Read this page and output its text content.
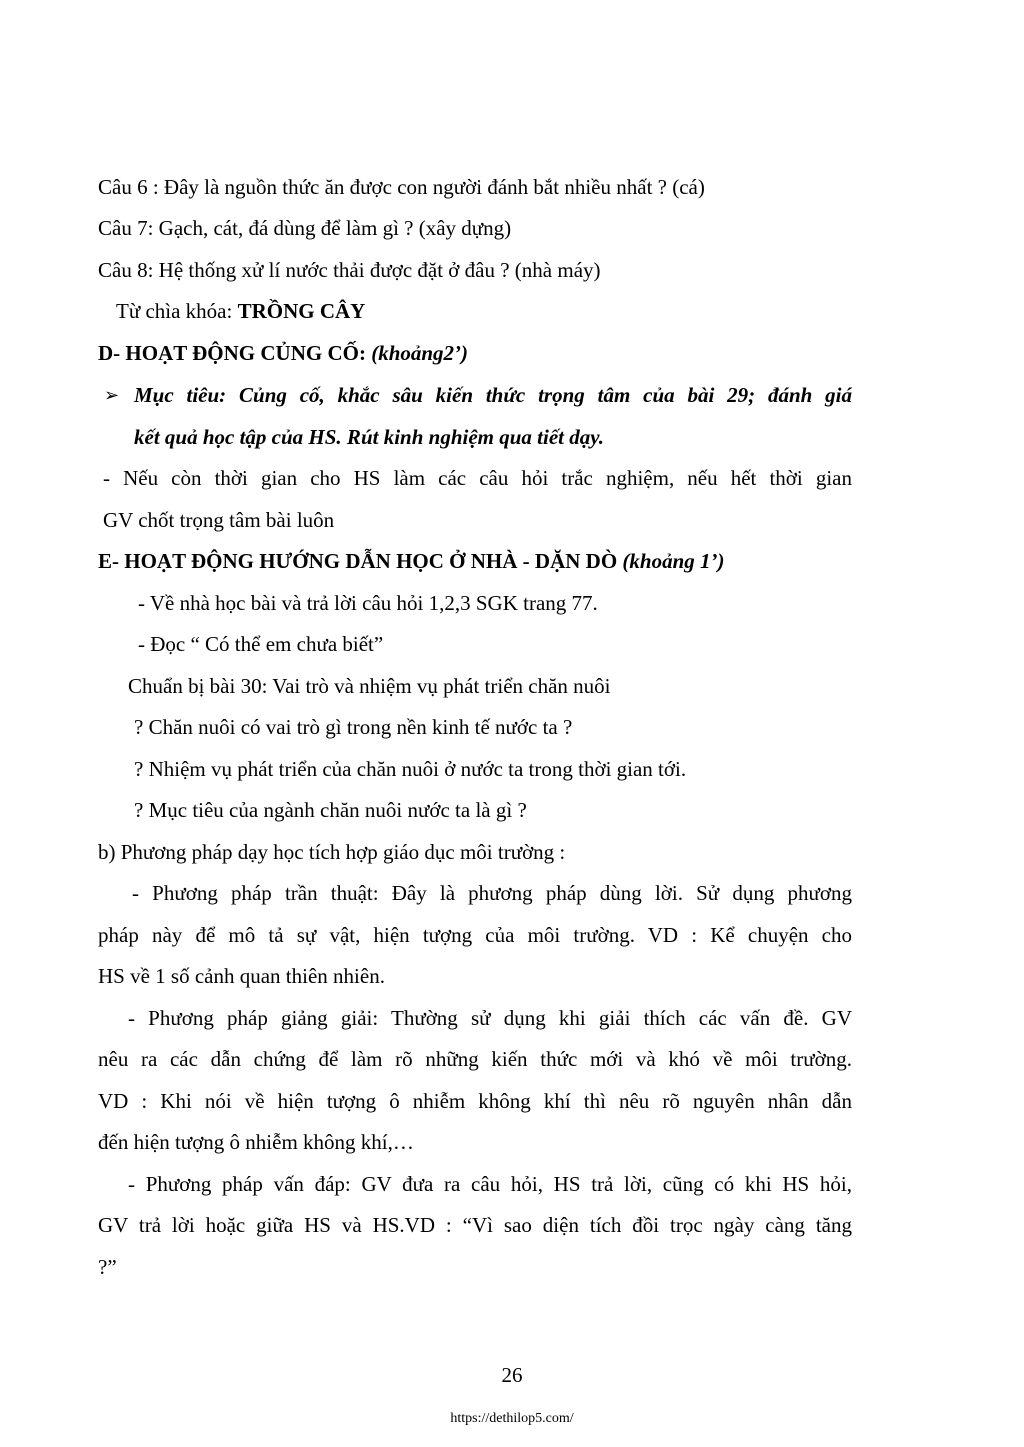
Câu 6 : Đây là nguồn thức ăn được con người đánh bắt nhiều nhất ? (cá)
Câu 7: Gạch, cát, đá dùng để làm gì ? (xây dựng)
Câu 8: Hệ thống xử lí nước thải được đặt ở đâu ? (nhà máy)
Từ chìa khóa: TRỒNG CÂY
D- HOẠT ĐỘNG CỦNG CỐ: (khoảng2’)
➢ Mục tiêu: Củng cố, khắc sâu kiến thức trọng tâm của bài 29; đánh giá
kết quả học tập của HS. Rút kinh nghiệm qua tiết dạy.
- Nếu còn thời gian cho HS làm các câu hỏi trắc nghiệm, nếu hết thời gian
GV chốt trọng tâm bài luôn
E- HOẠT ĐỘNG HƯỚNG DẪN HỌC Ở NHÀ - DẶN DÒ (khoảng 1’)
- Về nhà học bài và trả lời câu hỏi 1,2,3 SGK trang 77.
- Đọc “ Có thể em chưa biết”
Chuẩn bị bài 30: Vai trò và nhiệm vụ phát triển chăn nuôi
? Chăn nuôi có vai trò gì trong nền kinh tế nước ta ?
? Nhiệm vụ phát triển của chăn nuôi ở nước ta trong thời gian tới.
? Mục tiêu của ngành chăn nuôi nước ta là gì ?
b) Phương pháp dạy học tích hợp giáo dục môi trường :
- Phương pháp trần thuật: Đây là phương pháp dùng lời. Sử dụng phương
pháp này để mô tả sự vật, hiện tượng của môi trường. VD : Kể chuyện cho
HS về 1 số cảnh quan thiên nhiên.
- Phương pháp giảng giải: Thường sử dụng khi giải thích các vấn đề. GV
nêu ra các dẫn chứng để làm rõ những kiến thức mới và khó về môi trường.
VD : Khi nói về hiện tượng ô nhiễm không khí thì nêu rõ nguyên nhân dẫn
đến hiện tượng ô nhiễm không khí,…
- Phương pháp vấn đáp: GV đưa ra câu hỏi, HS trả lời, cũng có khi HS hỏi,
GV trả lời hoặc giữa HS và HS.VD : “Vì sao diện tích đồi trọc ngày càng tăng
?”
26
https://dethilop5.com/
